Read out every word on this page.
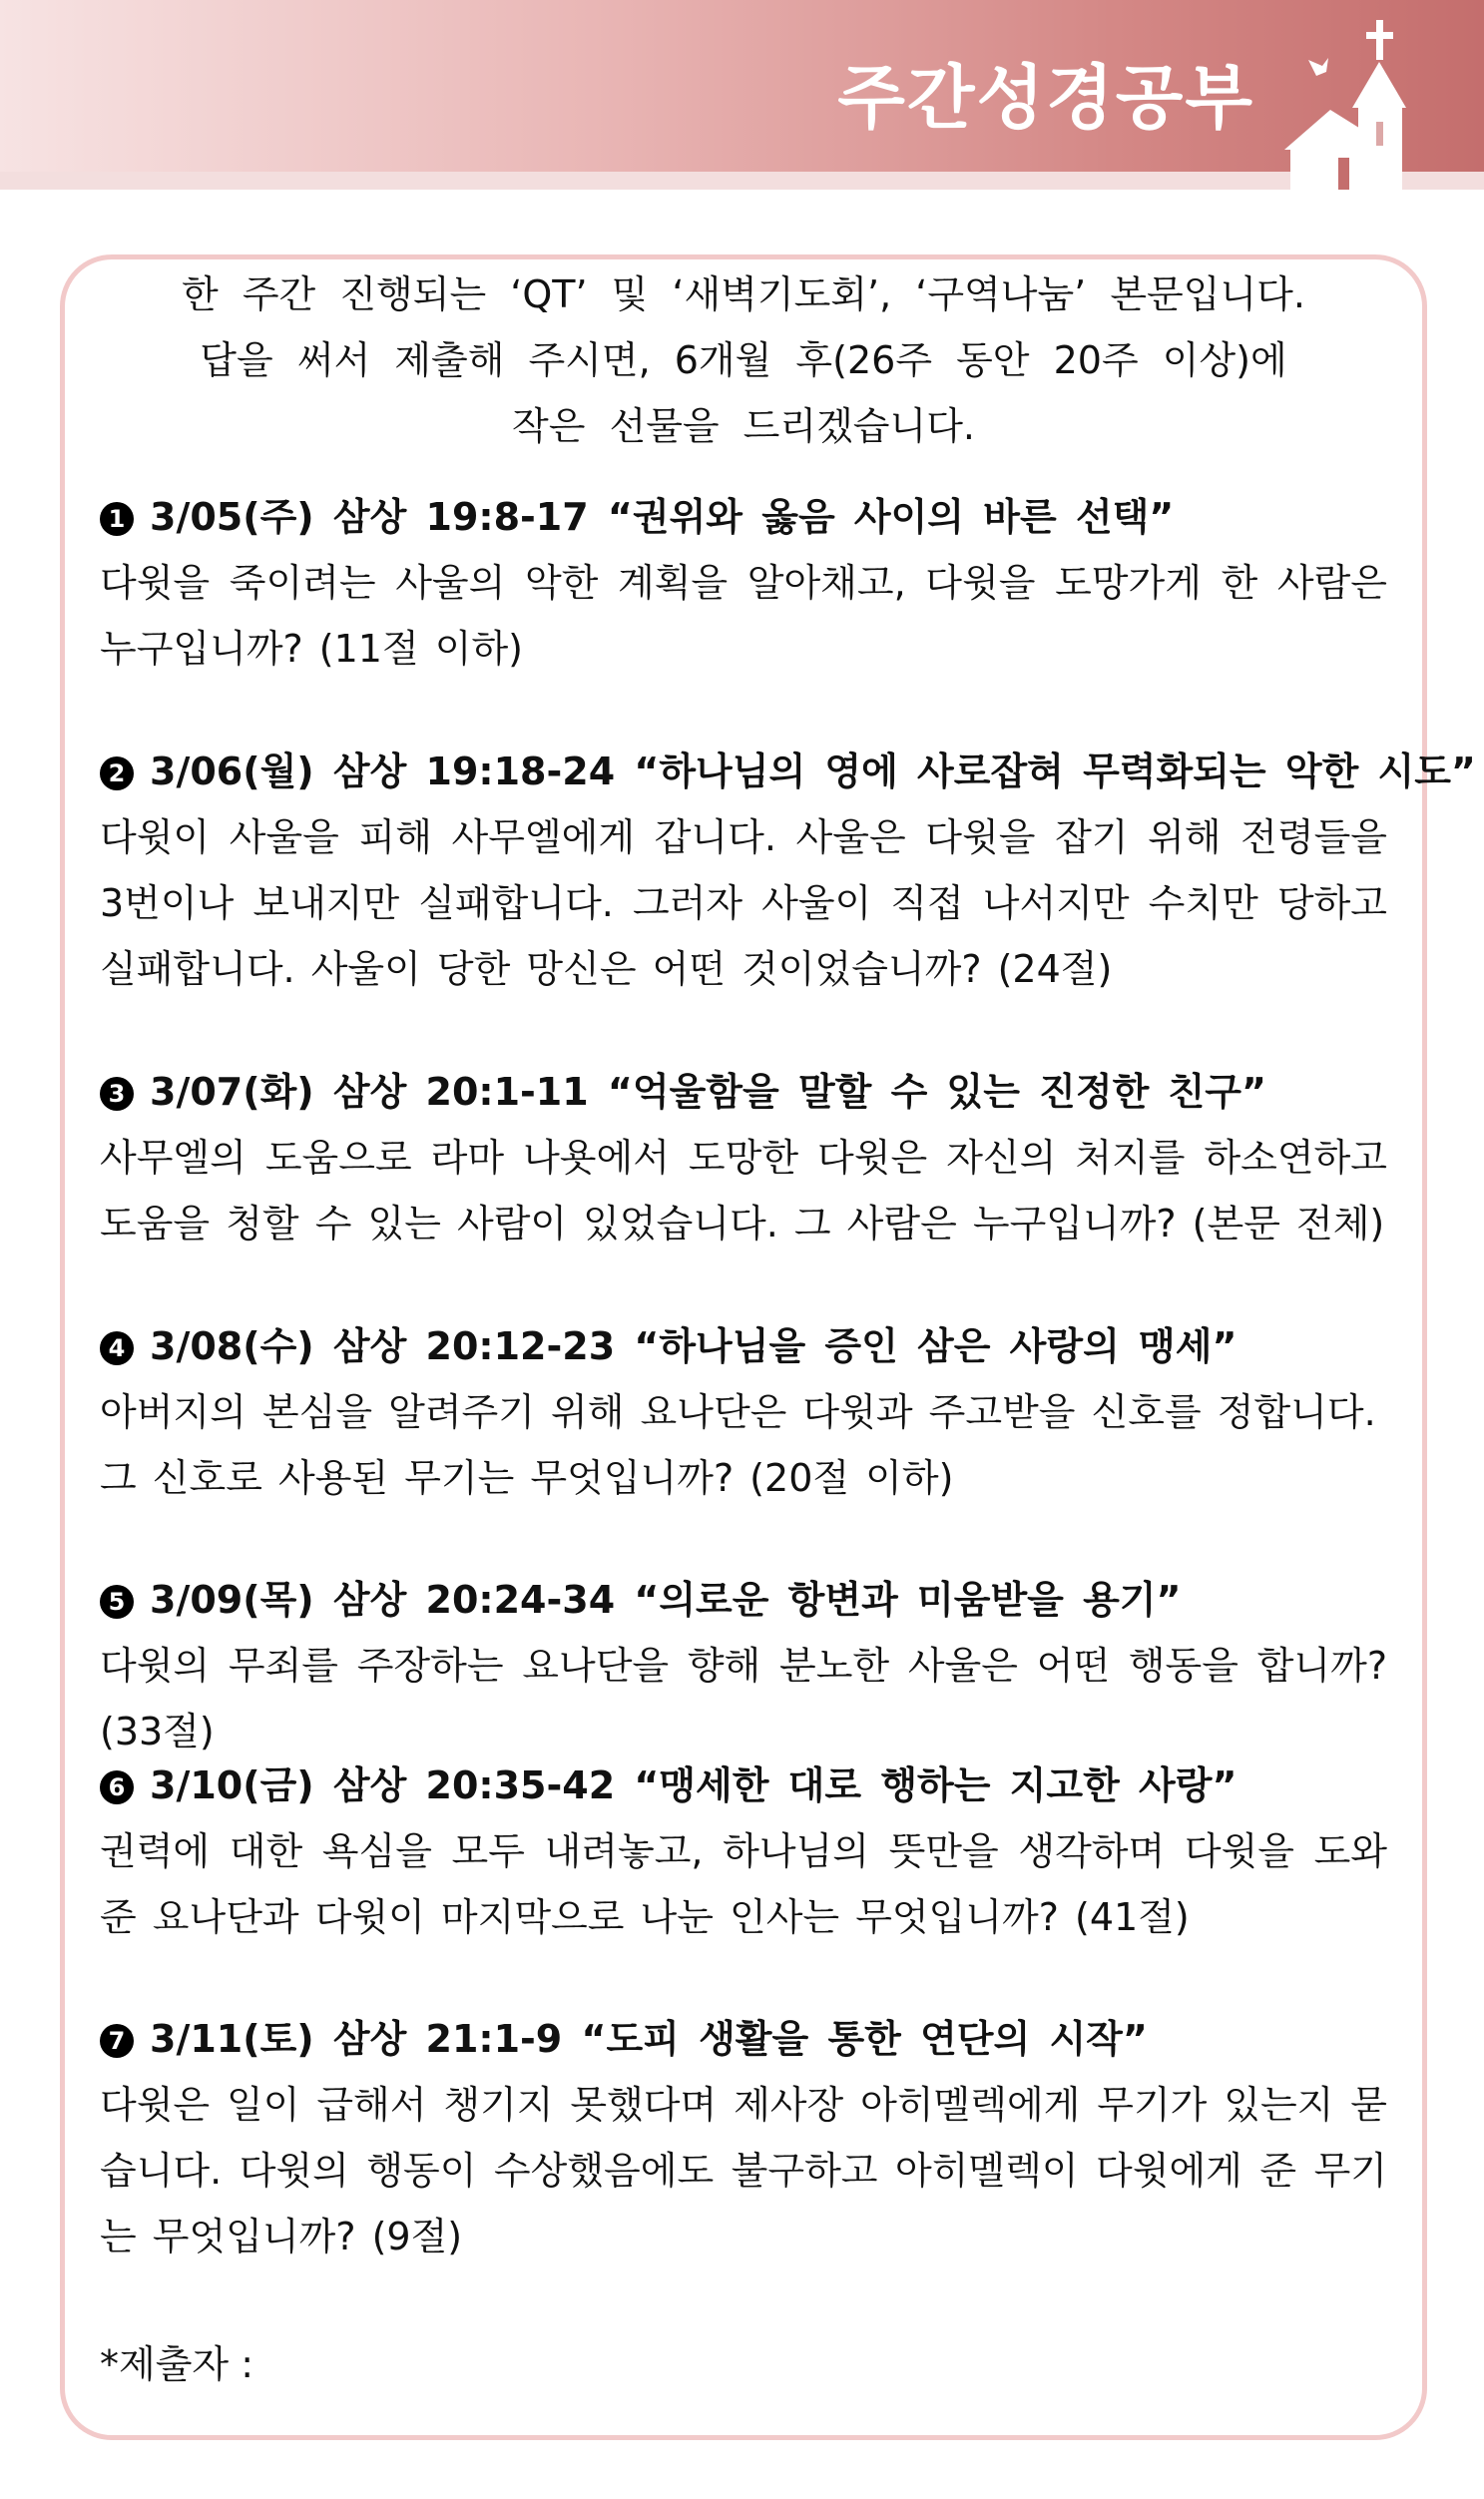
주간성경공부
한 주간 진행되는 ‘QT’ 및 ‘새벽기도회’, ‘구역나눔’ 본문입니다.
답을 써서 제출해 주시면, 6개월 후(26주 동안 20주 이상)에
작은 선물을 드리겠습니다.
1 3/05(주) 삼상 19:8-17 “권위와 옳음 사이의 바른 선택”
다윗을 죽이려는 사울의 악한 계획을 알아채고, 다윗을 도망가게 한 사람은 누구입니까? (11절 이하)
2 3/06(월) 삼상 19:18-24 “하나님의 영에 사로잡혀 무력화되는 악한 시도”
다윗이 사울을 피해 사무엘에게 갑니다. 사울은 다윗을 잡기 위해 전령들을 3번이나 보내지만 실패합니다. 그러자 사울이 직접 나서지만 수치만 당하고 실패합니다. 사울이 당한 망신은 어떤 것이었습니까? (24절)
3 3/07(화) 삼상 20:1-11 “억울함을 말할 수 있는 진정한 친구”
사무엘의 도움으로 라마 나욧에서 도망한 다윗은 자신의 처지를 하소연하고 도움을 청할 수 있는 사람이 있었습니다. 그 사람은 누구입니까? (본문 전체)
4 3/08(수) 삼상 20:12-23 “하나님을 증인 삼은 사랑의 맹세”
아버지의 본심을 알려주기 위해 요나단은 다윗과 주고받을 신호를 정합니다.
그 신호로 사용된 무기는 무엇입니까? (20절 이하)
5 3/09(목) 삼상 20:24-34 “의로운 항변과 미움받을 용기”
다윗의 무죄를 주장하는 요나단을 향해 분노한 사울은 어떤 행동을 합니까? (33절)
6 3/10(금) 삼상 20:35-42 “맹세한 대로 행하는 지고한 사랑”
권력에 대한 욕심을 모두 내려놓고, 하나님의 뜻만을 생각하며 다윗을 도와준 요나단과 다윗이 마지막으로 나눈 인사는 무엇입니까? (41절)
7 3/11(토) 삼상 21:1-9 “도피 생활을 통한 연단의 시작”
다윗은 일이 급해서 챙기지 못했다며 제사장 아히멜렉에게 무기가 있는지 묻습니다. 다윗의 행동이 수상했음에도 불구하고 아히멜렉이 다윗에게 준 무기는 무엇입니까? (9절)
*제출자 :
